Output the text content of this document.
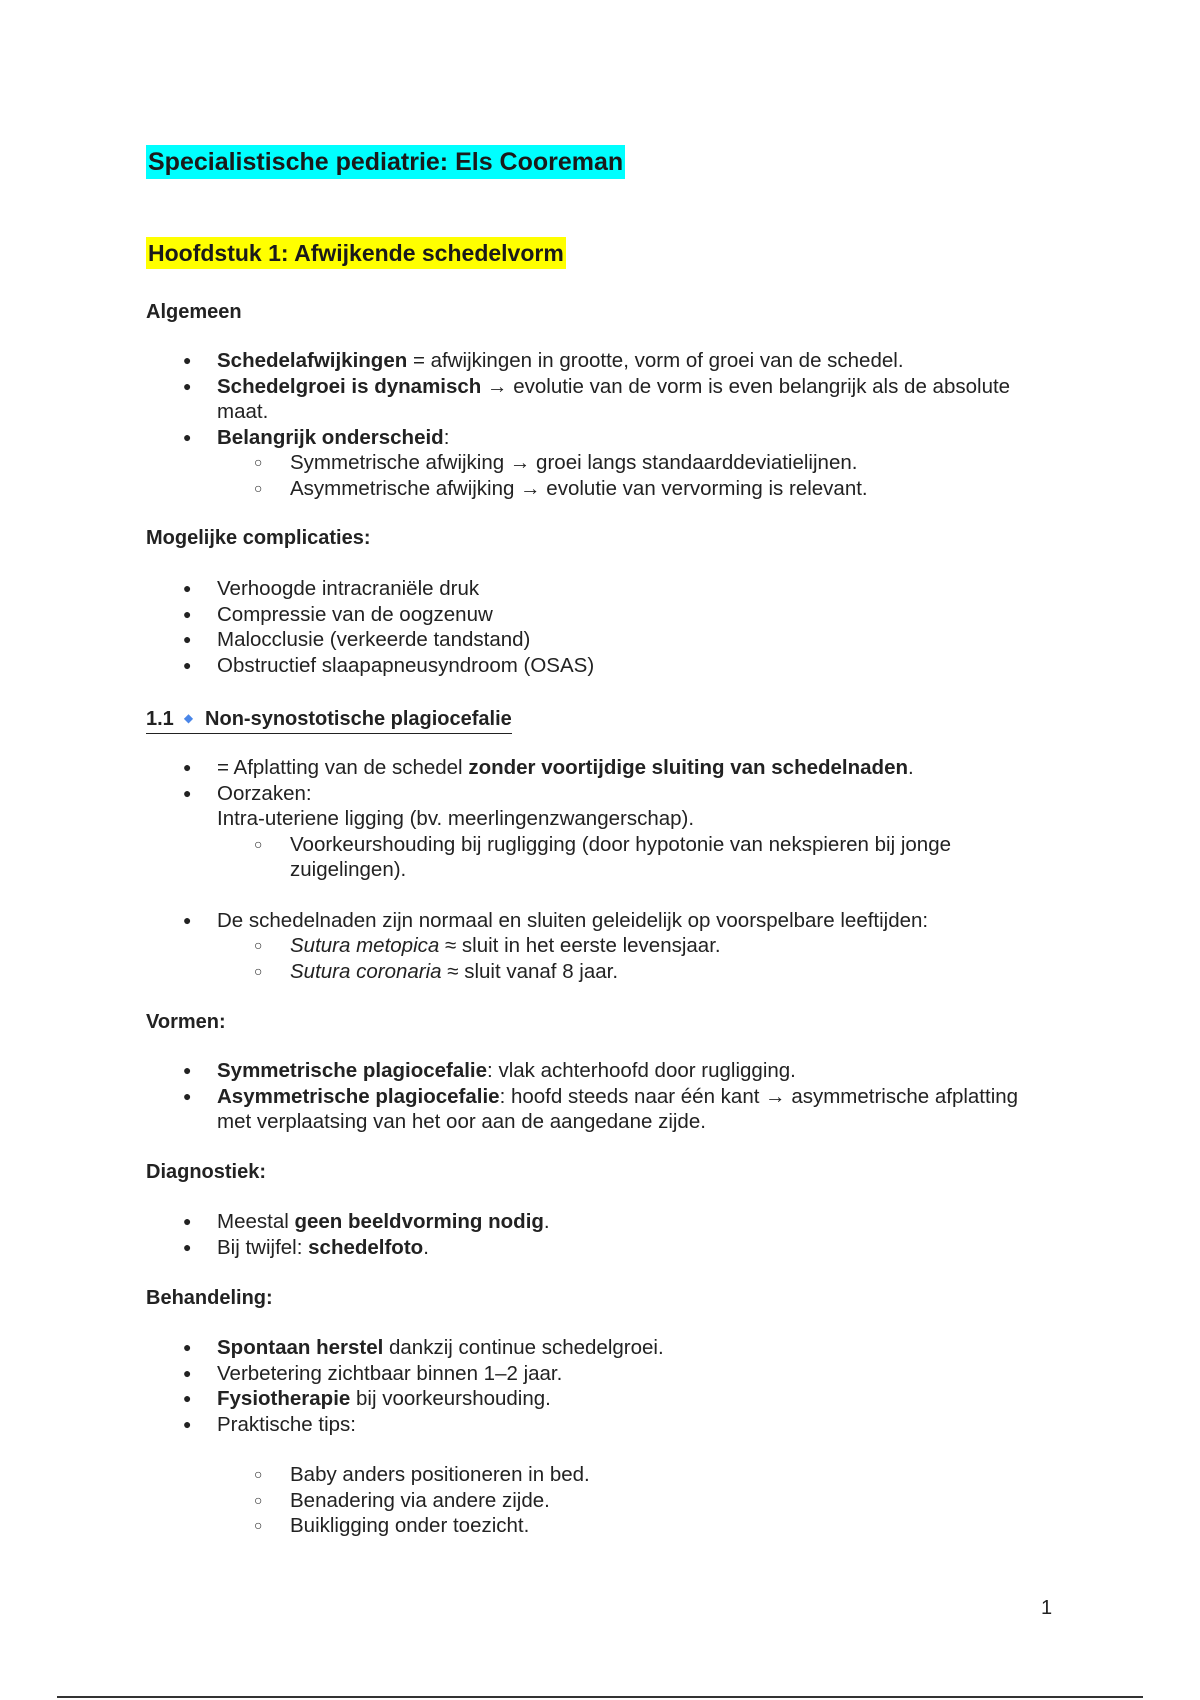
Specialistische pediatrie: Els Cooreman
Hoofdstuk 1: Afwijkende schedelvorm
Algemeen
● Schedelafwijkingen = afwijkingen in grootte, vorm of groei van de schedel.
● Schedelgroei is dynamisch → evolutie van de vorm is even belangrijk als de absolute maat.
● Belangrijk onderscheid:
○ Symmetrische afwijking → groei langs standaarddeviatielijnen.
○ Asymmetrische afwijking → evolutie van vervorming is relevant.
Mogelijke complicaties:
● Verhoogde intracraniële druk
● Compressie van de oogzenuw
● Malocclusie (verkeerde tandstand)
● Obstructief slaapapneusyndroom (OSAS)
1.1 ◆ Non-synostotische plagiocefalie
● = Afplatting van de schedel zonder voortijdige sluiting van schedelnaden.
● Oorzaken:
Intra-uteriene ligging (bv. meerlingenzwangerschap).
○ Voorkeurshouding bij rugligging (door hypotonie van nekspieren bij jonge zuigelingen).
● De schedelnaden zijn normaal en sluiten geleidelijk op voorspelbare leeftijden:
○ Sutura metopica ≈ sluit in het eerste levensjaar.
○ Sutura coronaria ≈ sluit vanaf 8 jaar.
Vormen:
● Symmetrische plagiocefalie: vlak achterhoofd door rugligging.
● Asymmetrische plagiocefalie: hoofd steeds naar één kant → asymmetrische afplatting met verplaatsing van het oor aan de aangedane zijde.
Diagnostiek:
● Meestal geen beeldvorming nodig.
● Bij twijfel: schedelfoto.
Behandeling:
● Spontaan herstel dankzij continue schedelgroei.
● Verbetering zichtbaar binnen 1–2 jaar.
● Fysiotherapie bij voorkeurshouding.
● Praktische tips:
○ Baby anders positioneren in bed.
○ Benadering via andere zijde.
○ Buikligging onder toezicht.
1
